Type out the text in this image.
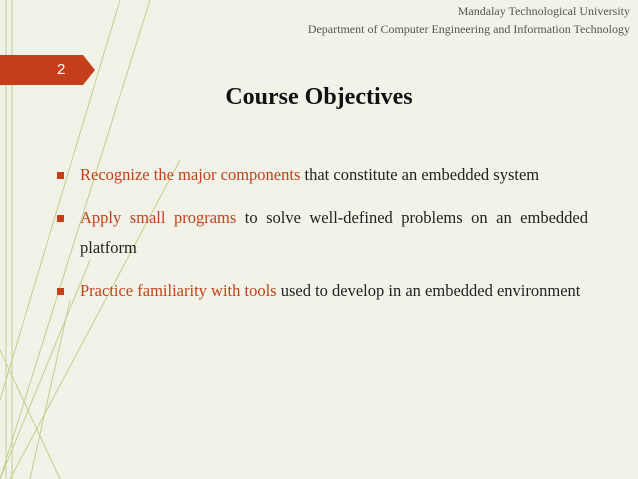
Mandalay Technological University
Department of Computer Engineering and Information Technology
2
Course Objectives
Recognize the major components that constitute an embedded system
Apply small programs to solve well-defined problems on an embedded platform
Practice familiarity with tools used to develop in an embedded environment
